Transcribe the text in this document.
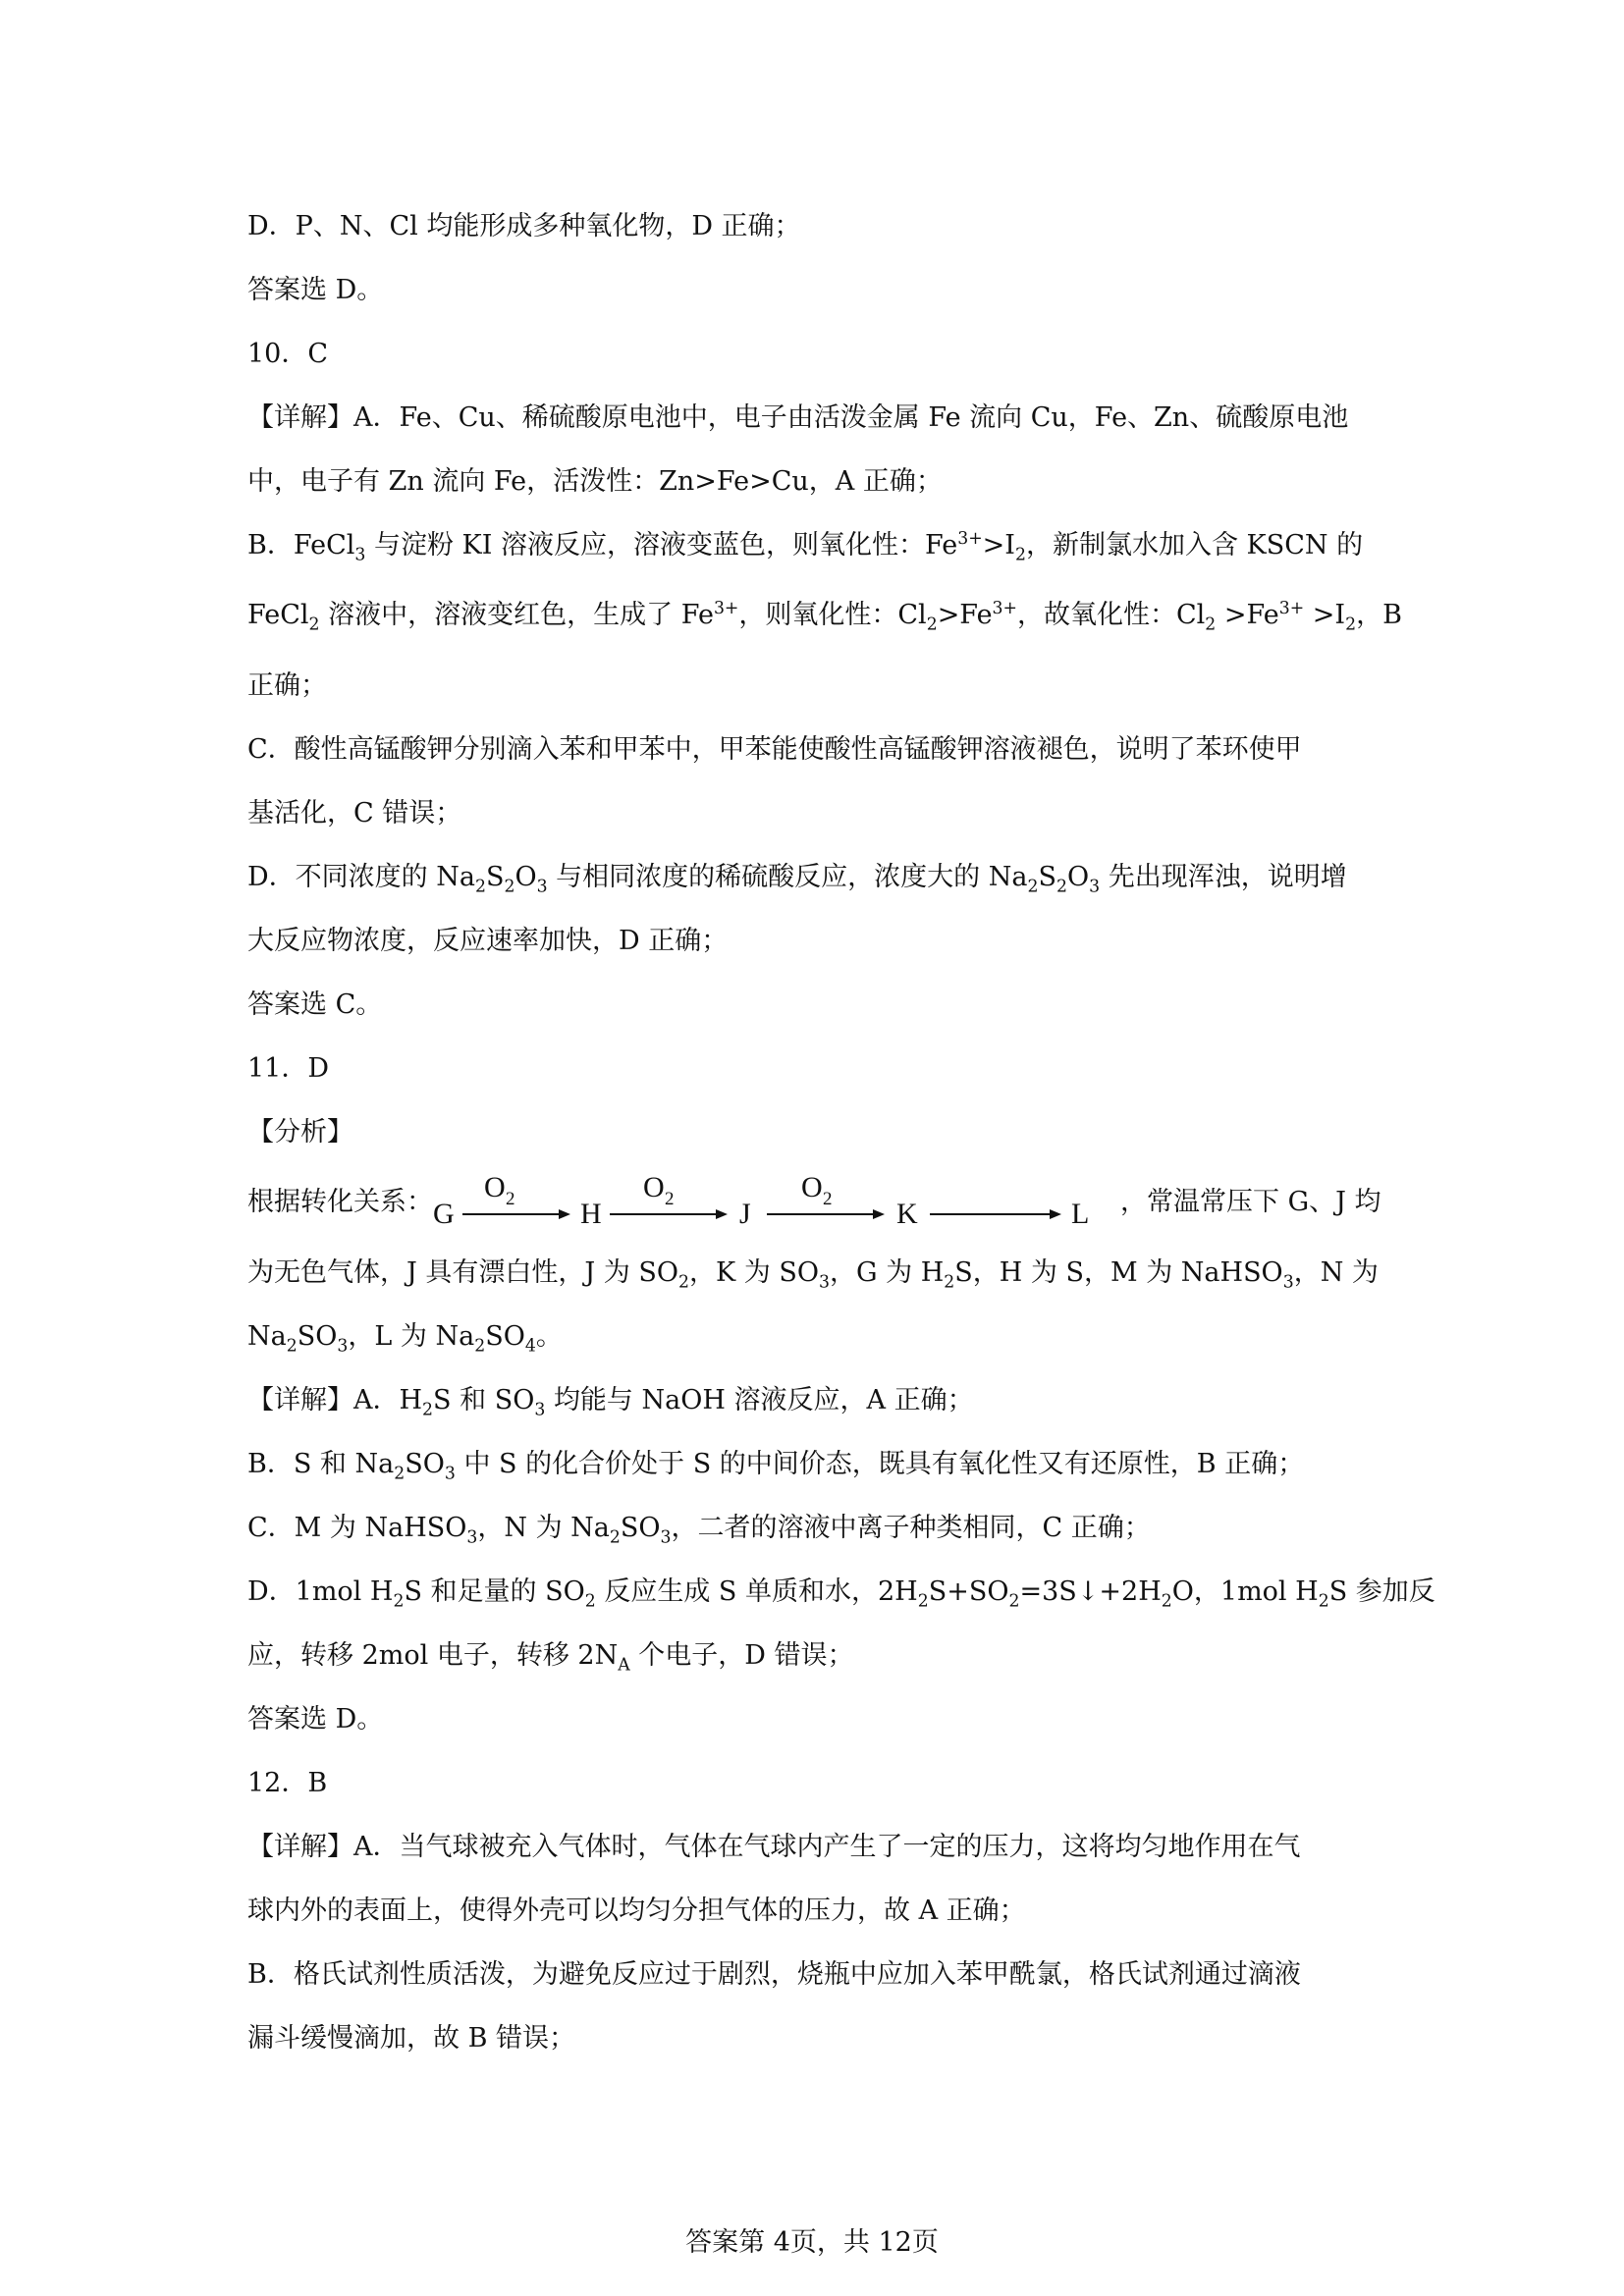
D．P、N、Cl 均能形成多种氧化物，D 正确；

答案选 D。

10．C

【详解】A．Fe、Cu、稀硫酸原电池中，电子由活泼金属 Fe 流向 Cu，Fe、Zn、硫酸原电池

中，电子有 Zn 流向 Fe，活泼性：Zn>Fe>Cu，A 正确；

B．FeCl$_3$ 与淀粉 KI 溶液反应，溶液变蓝色，则氧化性：$Fe^{3+}>I_2$，新制氯水加入含 KSCN 的

FeCl$_2$ 溶液中，溶液变红色，生成了 $Fe^{3+}$，则氧化性：$Cl_2>Fe^{3+}$，故氧化性：$Cl_2 >Fe^{3+} >I_2$，B

正确；

C．酸性高锰酸钾分别滴入苯和甲苯中，甲苯能使酸性高锰酸钾溶液褪色，说明了苯环使甲

基活化，C 错误；

D．不同浓度的 $Na_2S_2O_3$ 与相同浓度的稀硫酸反应，浓度大的 $Na_2S_2O_3$ 先出现浑浊，说明增

大反应物浓度，反应速率加快，D 正确；

答案选 C。

11．D

【分析】

根据转化关系： G
O 2 H
O 2 J
O 2 K	L ，常温常压下 G、J 均

为无色气体，J 具有漂白性，J 为 $SO_2$，K 为 $SO_3$，G 为 $H_2S$，H 为 S，M 为 NaHSO$_3$，N 为

$Na_2SO_3$，L 为 $Na_2SO_4$。

【详解】A．$H_2S$ 和 $SO_3$ 均能与 NaOH 溶液反应，A 正确；

B．S 和 $Na_2SO_3$ 中 S 的化合价处于 S 的中间价态，既具有氧化性又有还原性，B 正确；

C．M 为 NaHSO$_3$，N 为 $Na_2SO_3$，二者的溶液中离子种类相同，C 正确；

D．1mol $H_2S$ 和足量的 $SO_2$ 反应生成 S 单质和水，$2H_2S+SO_2=3S↓+2H_2O$，1mol $H_2S$ 参加反

应，转移 2mol 电子，转移 $2N_A$ 个电子，D 错误；

答案选 D。

12．B

【详解】A．当气球被充入气体时，气体在气球内产生了一定的压力，这将均匀地作用在气

球内外的表面上，使得外壳可以均匀分担气体的压力，故 A 正确；

B．格氏试剂性质活泼，为避免反应过于剧烈，烧瓶中应加入苯甲酰氯，格氏试剂通过滴液

漏斗缓慢滴加，故 B 错误；

答案第 4页，共 12页
